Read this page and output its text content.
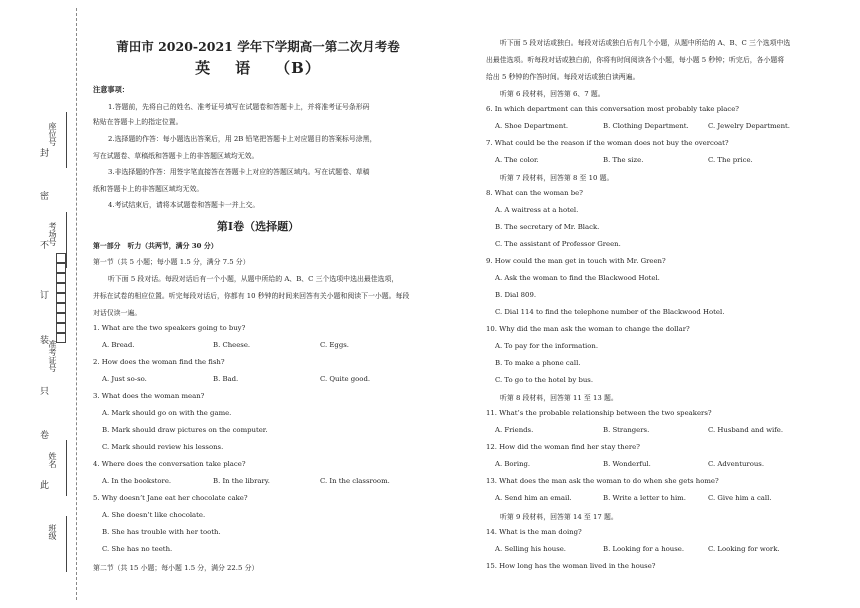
座位号
考场号
准考证号
姓名
班级
封
密
不
订
装
只
卷
此
莆田市 2020-2021 学年下学期高一第二次月考卷
英 语 （B）
注意事项：
1.答题前，先将自己的姓名、准考证号填写在试题卷和答题卡上，并将准考证号条形码
粘贴在答题卡上的指定位置。
2.选择题的作答：每小题选出答案后，用 2B 铅笔把答题卡上对应题目的答案标号涂黑，
写在试题卷、草稿纸和答题卡上的非答题区域均无效。
3.非选择题的作答：用签字笔直接答在答题卡上对应的答题区域内。写在试题卷、草稿
纸和答题卡上的非答题区域均无效。
4.考试结束后，请将本试题卷和答题卡一并上交。
第Ⅰ卷（选择题）
第一部分　听力（共两节，满分 30 分）
第一节（共 5 小题；每小题 1.5 分，满分 7.5 分）
听下面 5 段对话。每段对话后有一个小题，从题中所给的 A、B、C 三个选项中选出最佳选项，
并标在试卷的相应位置。听完每段对话后，你都有 10 秒钟的时间来回答有关小题和阅读下一小题。每段
对话仅读一遍。
1. What are the two speakers going to buy?
A. Bread.	B. Cheese.	C. Eggs.
2. How does the woman find the fish?
A. Just so-so.	B. Bad.	C. Quite good.
3. What does the woman mean?
A. Mark should go on with the game.
B. Mark should draw pictures on the computer.
C. Mark should review his lessons.
4. Where does the conversation take place?
A. In the bookstore.	B. In the library.	C. In the classroom.
5. Why doesn’t Jane eat her chocolate cake?
A. She doesn’t like chocolate.
B. She has trouble with her tooth.
C. She has no teeth.
第二节（共 15 小题；每小题 1.5 分，满分 22.5 分）
听下面 5 段对话或独白。每段对话或独白后有几个小题，从题中所给的 A、B、C 三个选项中选
出最佳选项。听每段对话或独白前，你将有时间阅读各个小题，每小题 5 秒钟；听完后，各小题将
给出 5 秒钟的作答时间。每段对话或独白读两遍。
听第 6 段材料，回答第 6、7 题。
6. In which department can this conversation most probably take place?
A. Shoe Department.	B. Clothing Department.	C. Jewelry Department.
7. What could be the reason if the woman does not buy the overcoat?
A. The color.	B. The size.	C. The price.
听第 7 段材料，回答第 8 至 10 题。
8. What can the woman be?
A. A waitress at a hotel.
B. The secretary of Mr. Black.
C. The assistant of Professor Green.
9. How could the man get in touch with Mr. Green?
A. Ask the woman to find the Blackwood Hotel.
B. Dial 809.
C. Dial 114 to find the telephone number of the Blackwood Hotel.
10. Why did the man ask the woman to change the dollar?
A. To pay for the information.
B. To make a phone call.
C. To go to the hotel by bus.
听第 8 段材料，回答第 11 至 13 题。
11. What’s the probable relationship between the two speakers?
A. Friends.	B. Strangers.	C. Husband and wife.
12. How did the woman find her stay there?
A. Boring.	B. Wonderful.	C. Adventurous.
13. What does the man ask the woman to do when she gets home?
A. Send him an email.	B. Write a letter to him.	C. Give him a call.
听第 9 段材料，回答第 14 至 17 题。
14. What is the man doing?
A. Selling his house.	B. Looking for a house.	C. Looking for work.
15. How long has the woman lived in the house?
